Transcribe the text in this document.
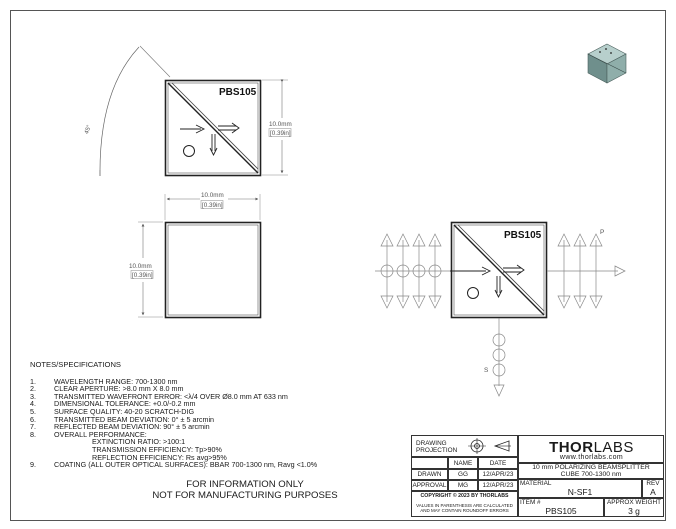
45°
PBS105
10.0mm
[0.39in]
10.0mm
[0.39in]
10.0mm
[0.39in]
PBS105	P
S
NOTES/SPECIFICATIONS
1.	WAVELENGTH RANGE: 700-1300 nm
2.	CLEAR APERTURE: >8.0 mm X 8.0 mm
3.	TRANSMITTED WAVEFRONT ERROR: <λ/4 OVER Ø8.0 mm AT 633 nm
4.	DIMENSIONAL TOLERANCE: +0.0/-0.2 mm
5.	SURFACE QUALITY: 40-20 SCRATCH-DIG
6.	TRANSMITTED BEAM DEVIATION: 0° ± 5 arcmin
7.	REFLECTED BEAM DEVIATION: 90° ± 5 arcmin
8.	OVERALL PERFORMANCE:
EXTINCTION RATIO: >100:1
TRANSMISSION EFFICIENCY: Tp>90%
REFLECTION EFFICIENCY: Rs avg>95%
9.	COATING (ALL OUTER OPTICAL SURFACES): BBAR 700-1300 nm, Ravg <1.0%
FOR INFORMATION ONLY
NOT FOR MANUFACTURING PURPOSES
DRAWING PROJECTION
NAME	DATE
DRAWN	GG	12/APR/23
APPROVAL	MG	12/APR/23
COPYRIGHT © 2023 BY THORLABS
VALUES IN PARENTHESIS ARE CALCULATED
AND MAY CONTAIN ROUNDOFF ERRORS
THORLABS
www.thorlabs.com
10 mm POLARIZING BEAMSPLITTER
CUBE 700-1300 nm
MATERIAL
N-SF1
REV
A
ITEM #
PBS105
APPROX WEIGHT
3 g
